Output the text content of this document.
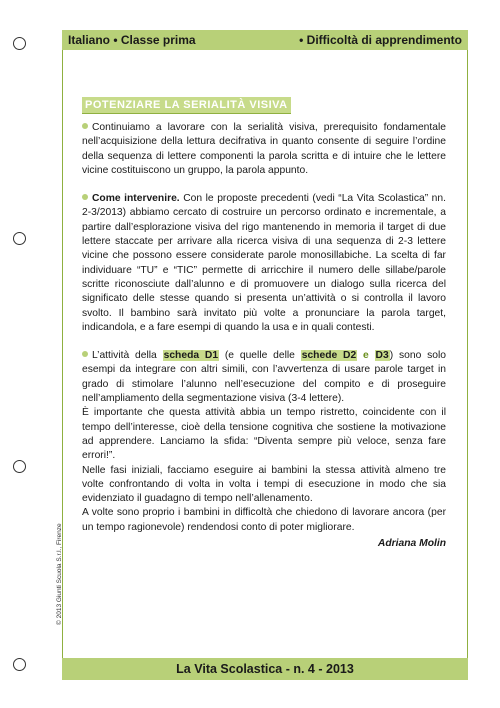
© 2013 Giunti Scuola S.r.l., Firenze
Italiano • Classe prima	• Difficoltà di apprendimento
POTENZIARE LA SERIALITÀ VISIVA

Continuiamo a lavorare con la serialità visiva, prerequisito fondamentale nell’acquisizione della lettura decifrativa in quanto consente di seguire l’ordine della sequenza di lettere componenti la parola scritta e di intuire che le lettere vicine costituiscono un gruppo, la parola appunto.

Come intervenire. Con le proposte precedenti (vedi “La Vita Scolastica” nn. 2-3/2013) abbiamo cercato di costruire un percorso ordinato e incrementale, a partire dall’esplorazione visiva del rigo mantenendo in memoria il target di due lettere staccate per arrivare alla ricerca visiva di una sequenza di 2-3 lettere vicine che possono essere considerate parole monosillabiche. La scelta di far individuare “TU” e “TIC” permette di arricchire il numero delle sillabe/parole scritte riconosciute dall’alunno e di promuovere un dialogo sulla ricerca del significato delle stesse quando si presenta un’attività o si controlla il lavoro svolto. Il bambino sarà invitato più volte a pronunciare la parola target, indicandola, e a fare esempi di quando la usa e in quali contesti.

L’attività della scheda D1 (e quelle delle schede D2 e D3) sono solo esempi da integrare con altri simili, con l’avvertenza di usare parole target in grado di stimolare l’alunno nell’esecuzione del compito e di proseguire nell’ampliamento della segmentazione visiva (3-4 lettere).

È importante che questa attività abbia un tempo ristretto, coincidente con il tempo dell’interesse, cioè della tensione cognitiva che sostiene la motivazione ad apprendere. Lanciamo la sfida: “Diventa sempre più veloce, senza fare errori!”.

Nelle fasi iniziali, facciamo eseguire ai bambini la stessa attività almeno tre volte confrontando di volta in volta i tempi di esecuzione in modo che sia evidenziato il guadagno di tempo nell’allenamento.

A volte sono proprio i bambini in difficoltà che chiedono di lavorare ancora (per un tempo ragionevole) rendendosi conto di poter migliorare.

Adriana Molin
La Vita Scolastica - n. 4 - 2013
